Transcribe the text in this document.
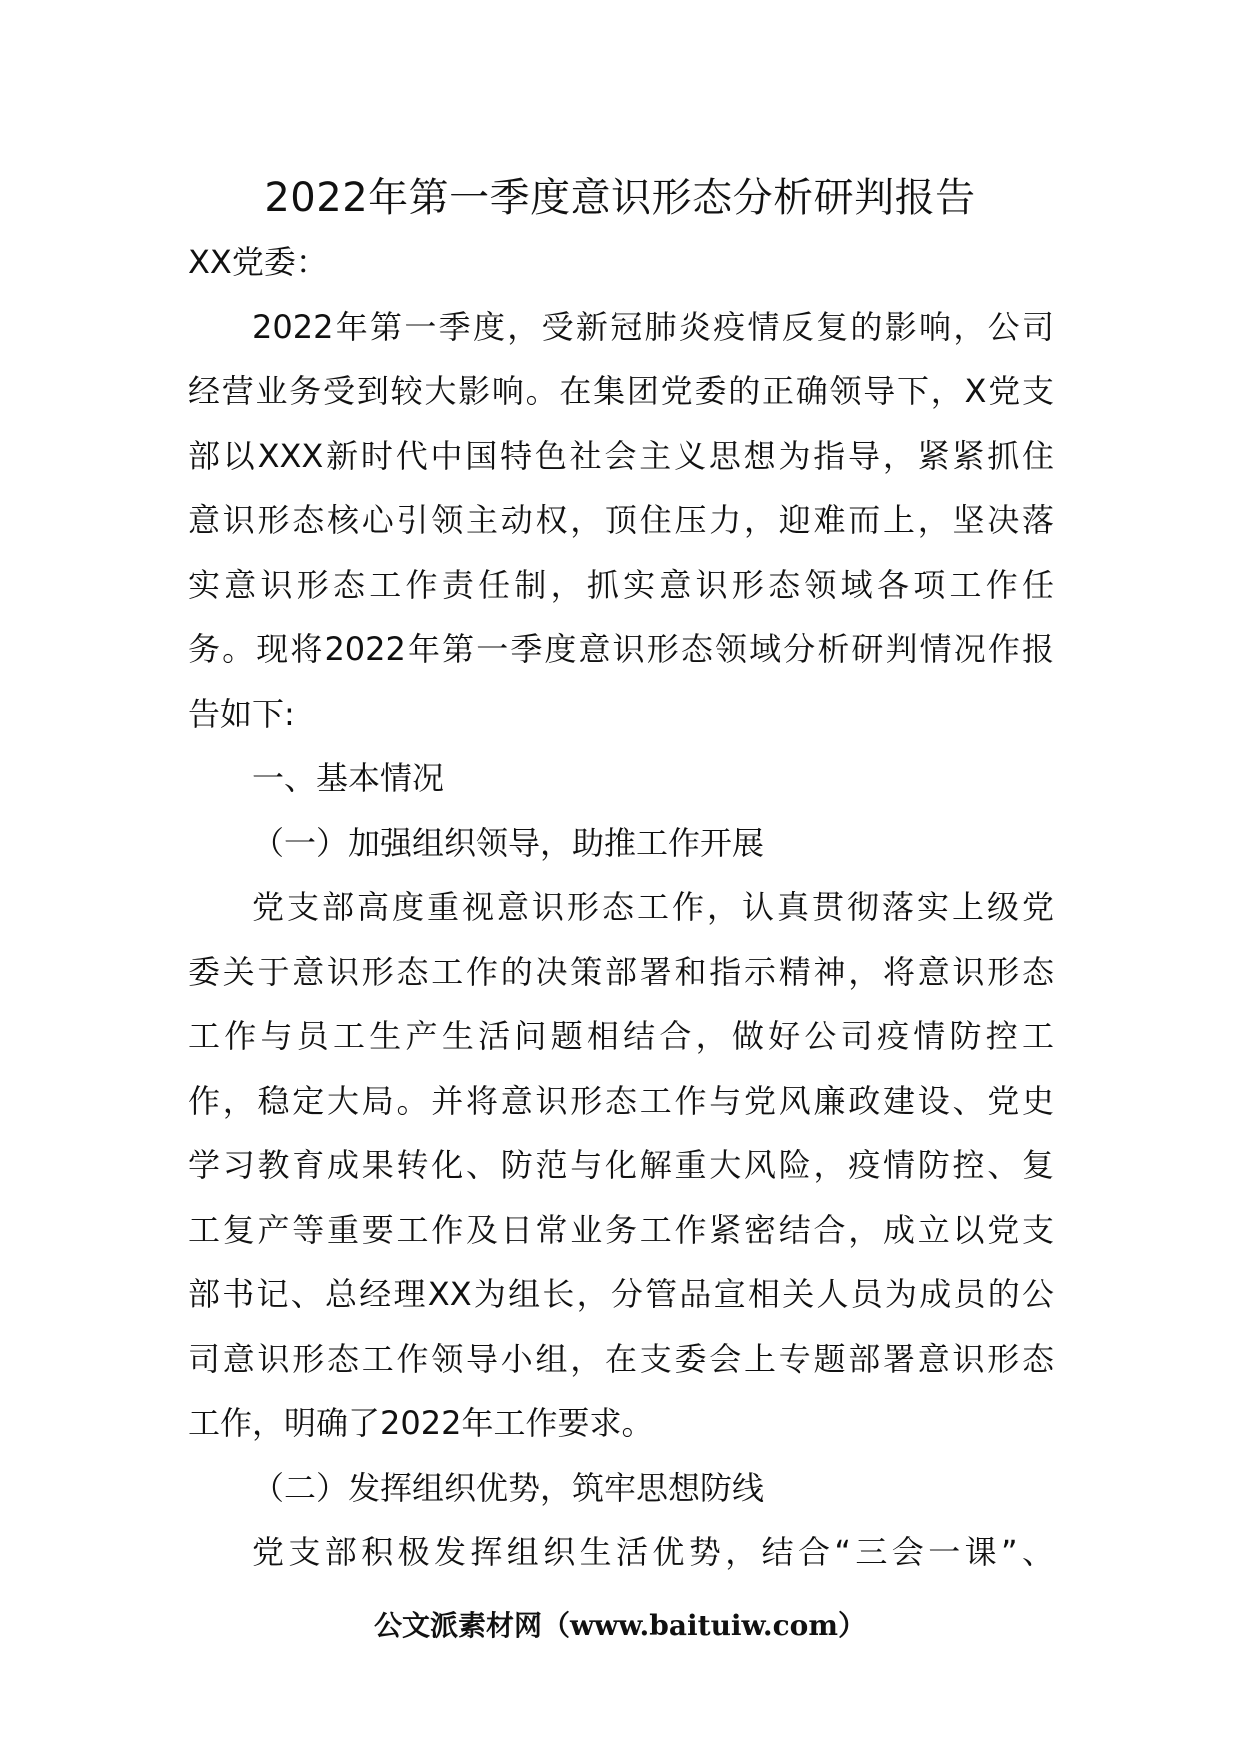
2022年第一季度意识形态分析研判报告

XX党委：

2022年第一季度，受新冠肺炎疫情反复的影响，公司
经营业务受到较大影响。在集团党委的正确领导下，X党支
部以XXX新时代中国特色社会主义思想为指导，紧紧抓住
意识形态核心引领主动权，顶住压力，迎难而上，坚决落
实意识形态工作责任制，抓实意识形态领域各项工作任
务。现将2022年第一季度意识形态领域分析研判情况作报
告如下:

一、基本情况

（一）加强组织领导，助推工作开展

党支部高度重视意识形态工作，认真贯彻落实上级党
委关于意识形态工作的决策部署和指示精神，将意识形态
工作与员工生产生活问题相结合，做好公司疫情防控工
作，稳定大局。并将意识形态工作与党风廉政建设、党史
学习教育成果转化、防范与化解重大风险，疫情防控、复
工复产等重要工作及日常业务工作紧密结合，成立以党支
部书记、总经理XX为组长，分管品宣相关人员为成员的公
司意识形态工作领导小组，在支委会上专题部署意识形态
工作，明确了2022年工作要求。

（二）发挥组织优势，筑牢思想防线

党支部积极发挥组织生活优势，结合“三会一课”、
公文派素材网（www.baituiw.com）
